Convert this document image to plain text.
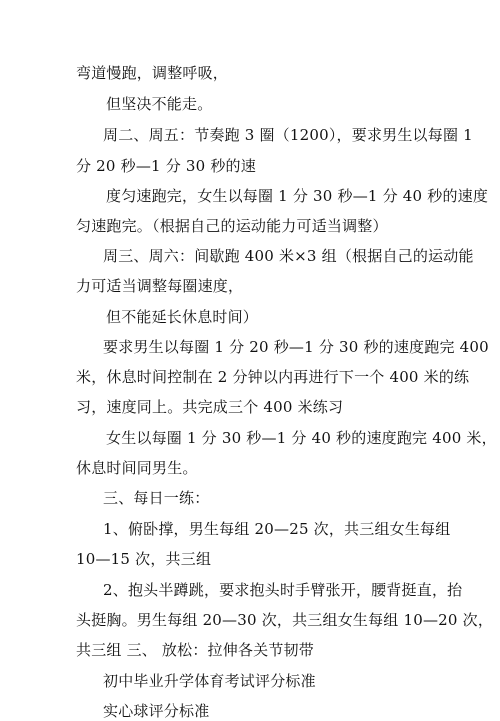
弯道慢跑，调整呼吸，
但坚决不能走。
周二、周五：节奏跑 3 圈（1200），要求男生以每圈 1
分 20 秒—1 分 30 秒的速
度匀速跑完，女生以每圈 1 分 30 秒—1 分 40 秒的速度
匀速跑完。（根据自己的运动能力可适当调整）
周三、周六：间歇跑 400 米×3 组（根据自己的运动能
力可适当调整每圈速度，
但不能延长休息时间）
要求男生以每圈 1 分 20 秒—1 分 30 秒的速度跑完 400
米，休息时间控制在 2 分钟以内再进行下一个 400 米的练
习，速度同上。共完成三个 400 米练习
女生以每圈 1 分 30 秒—1 分 40 秒的速度跑完 400 米，
休息时间同男生。
三、每日一练：
1、俯卧撑，男生每组 20—25 次，共三组女生每组
10—15 次，共三组
2、抱头半蹲跳，要求抱头时手臂张开，腰背挺直，抬
头挺胸。男生每组 20—30 次，共三组女生每组 10—20 次，
共三组 三、 放松：拉伸各关节韧带
初中毕业升学体育考试评分标准
实心球评分标准
